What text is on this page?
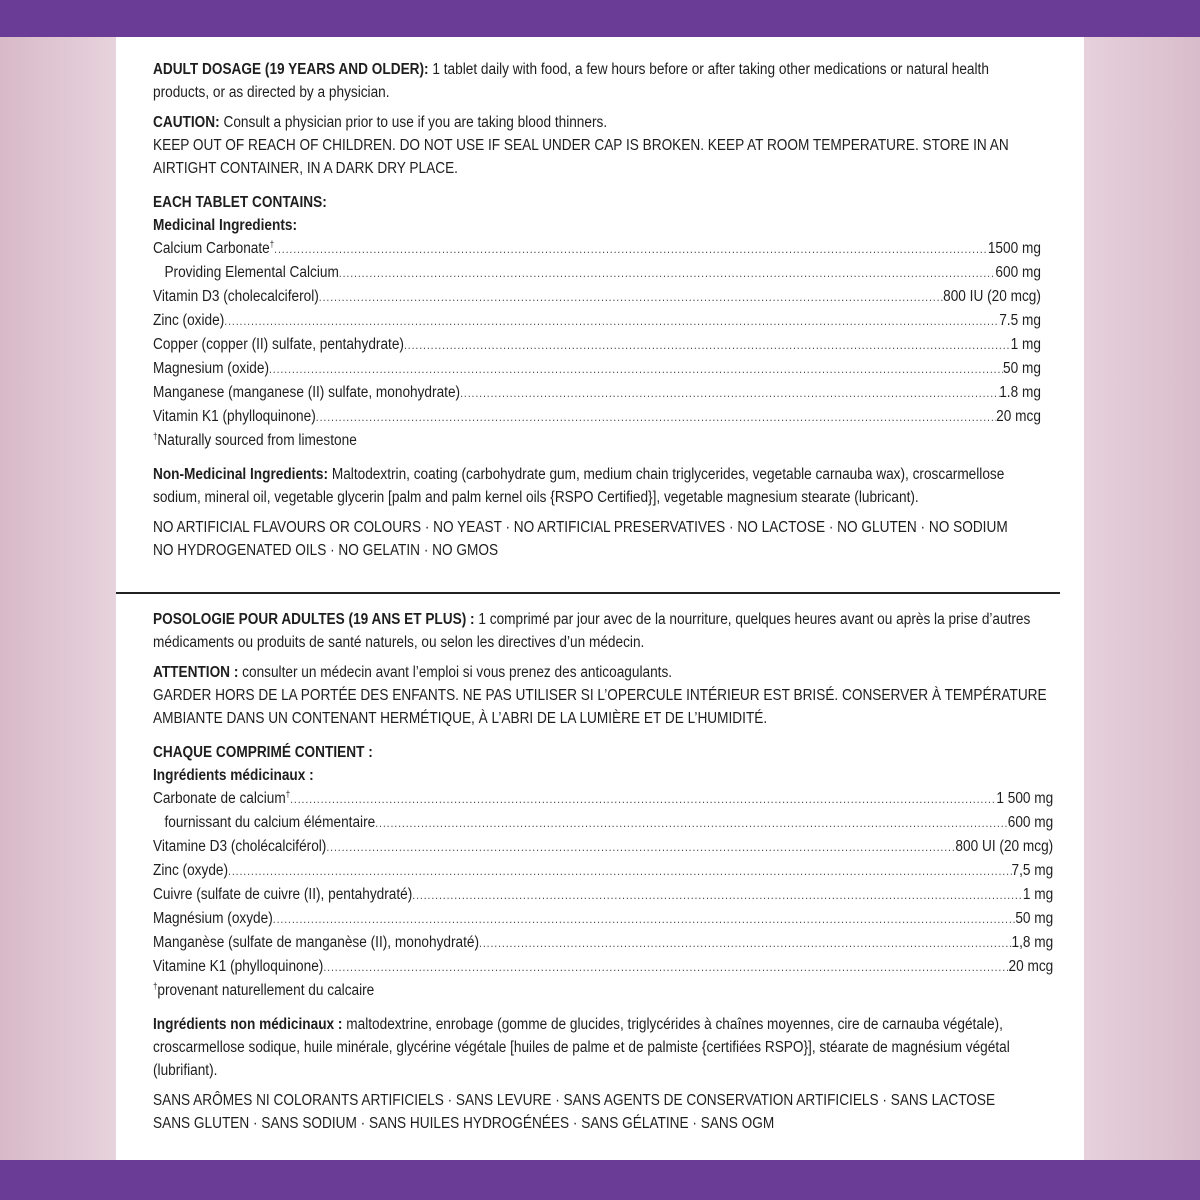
ADULT DOSAGE (19 YEARS AND OLDER): 1 tablet daily with food, a few hours before or after taking other medications or natural health products, or as directed by a physician.

CAUTION: Consult a physician prior to use if you are taking blood thinners.

KEEP OUT OF REACH OF CHILDREN. DO NOT USE IF SEAL UNDER CAP IS BROKEN. KEEP AT ROOM TEMPERATURE. STORE IN AN AIRTIGHT CONTAINER, IN A DARK DRY PLACE.

EACH TABLET CONTAINS:

Medicinal Ingredients:

Calcium Carbonate† .....	1500 mg
Providing Elemental Calcium .....	600 mg
Vitamin D3 (cholecalciferol) .....	800 IU (20 mcg)
Zinc (oxide) .....	7.5 mg
Copper (copper (II) sulfate, pentahydrate) .....	1 mg
Magnesium (oxide) .....	50 mg
Manganese (manganese (II) sulfate, monohydrate) .....	1.8 mg
Vitamin K1 (phylloquinone) .....	20 mcg

†Naturally sourced from limestone

Non-Medicinal Ingredients: Maltodextrin, coating (carbohydrate gum, medium chain triglycerides, vegetable carnauba wax), croscarmellose sodium, mineral oil, vegetable glycerin [palm and palm kernel oils {RSPO Certified}], vegetable magnesium stearate (lubricant).

NO ARTIFICIAL FLAVOURS OR COLOURS · NO YEAST · NO ARTIFICIAL PRESERVATIVES · NO LACTOSE · NO GLUTEN · NO SODIUM

NO HYDROGENATED OILS · NO GELATIN · NO GMOS

POSOLOGIE POUR ADULTES (19 ANS ET PLUS) : 1 comprimé par jour avec de la nourriture, quelques heures avant ou après la prise d’autres médicaments ou produits de santé naturels, ou selon les directives d’un médecin.

ATTENTION : consulter un médecin avant l’emploi si vous prenez des anticoagulants.

GARDER HORS DE LA PORTÉE DES ENFANTS. NE PAS UTILISER SI L’OPERCULE INTÉRIEUR EST BRISÉ. CONSERVER À TEMPÉRATURE AMBIANTE DANS UN CONTENANT HERMÉTIQUE, À L’ABRI DE LA LUMIÈRE ET DE L’HUMIDITÉ.

CHAQUE COMPRIMÉ CONTIENT :

Ingrédients médicinaux :

Carbonate de calcium† .....	1 500 mg
fournissant du calcium élémentaire .....	600 mg
Vitamine D3 (cholécalciférol) .....	800 UI (20 mcg)
Zinc (oxyde) .....	7,5 mg
Cuivre (sulfate de cuivre (II), pentahydraté) .....	1 mg
Magnésium (oxyde) .....	50 mg
Manganèse (sulfate de manganèse (II), monohydraté) .....	1,8 mg
Vitamine K1 (phylloquinone) .....	20 mcg

†provenant naturellement du calcaire

Ingrédients non médicinaux : maltodextrine, enrobage (gomme de glucides, triglycérides à chaînes moyennes, cire de carnauba végétale), croscarmellose sodique, huile minérale, glycérine végétale [huiles de palme et de palmiste {certifiées RSPO}], stéarate de magnésium végétal (lubrifiant).

SANS ARÔMES NI COLORANTS ARTIFICIELS · SANS LEVURE · SANS AGENTS DE CONSERVATION ARTIFICIELS · SANS LACTOSE

SANS GLUTEN · SANS SODIUM · SANS HUILES HYDROGÉNÉES · SANS GÉLATINE · SANS OGM
